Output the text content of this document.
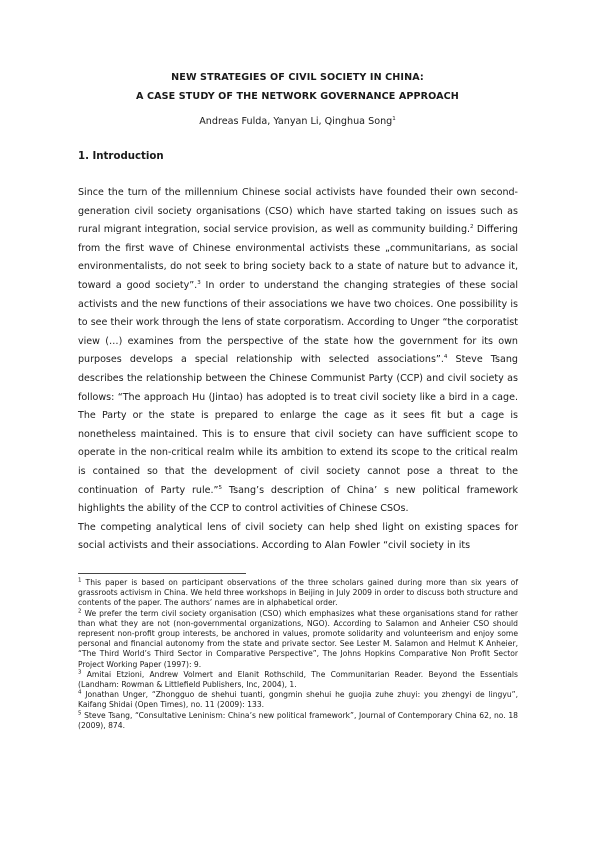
NEW STRATEGIES OF CIVIL SOCIETY IN CHINA:
A CASE STUDY OF THE NETWORK GOVERNANCE APPROACH
Andreas Fulda, Yanyan Li, Qinghua Song$^1$
1. Introduction

Since the turn of the millennium Chinese social activists have founded their own second-generation civil society organisations (CSO) which have started taking on issues such as rural migrant integration, social service provision, as well as community building.$^2$ Differing from the first wave of Chinese environmental activists these „communitarians, as social environmentalists, do not seek to bring society back to a state of nature but to advance it, toward a good society”.$^3$ In order to understand the changing strategies of these social activists and the new functions of their associations we have two choices. One possibility is to see their work through the lens of state corporatism. According to Unger “the corporatist view (…) examines from the perspective of the state how the government for its own purposes develops a special relationship with selected associations”.$^4$ Steve Tsang describes the relationship between the Chinese Communist Party (CCP) and civil society as follows: “The approach Hu (Jintao) has adopted is to treat civil society like a bird in a cage. The Party or the state is prepared to enlarge the cage as it sees fit but a cage is nonetheless maintained. This is to ensure that civil society can have sufficient scope to operate in the non-critical realm while its ambition to extend its scope to the critical realm is contained so that the development of civil society cannot pose a threat to the continuation of Party rule.”$^5$ Tsang’s description of China’ s new political framework highlights the ability of the CCP to control activities of Chinese CSOs.

The competing analytical lens of civil society can help shed light on existing spaces for social activists and their associations. According to Alan Fowler “civil society in its

$^1$ This paper is based on participant observations of the three scholars gained during more than six years of grassroots activism in China. We held three workshops in Beijing in July 2009 in order to discuss both structure and contents of the paper. The authors’ names are in alphabetical order.

$^2$ We prefer the term civil society organisation (CSO) which emphasizes what these organisations stand for rather than what they are not (non-governmental organizations, NGO). According to Salamon and Anheier CSO should represent non-profit group interests, be anchored in values, promote solidarity and volunteerism and enjoy some personal and financial autonomy from the state and private sector. See Lester M. Salamon and Helmut K Anheier, “The Third World’s Third Sector in Comparative Perspective”, The Johns Hopkins Comparative Non Profit Sector Project Working Paper (1997): 9.

$^3$ Amitai Etzioni, Andrew Volmert and Elanit Rothschild, The Communitarian Reader. Beyond the Essentials (Landham: Rowman & Littlefield Publishers, Inc, 2004), 1.

$^4$ Jonathan Unger, “Zhongguo de shehui tuanti, gongmin shehui he guojia zuhe zhuyi: you zhengyi de lingyu”, Kaifang Shidai (Open Times), no. 11 (2009): 133.

$^5$ Steve Tsang, “Consultative Leninism: China’s new political framework”, Journal of Contemporary China 62, no. 18 (2009), 874.
